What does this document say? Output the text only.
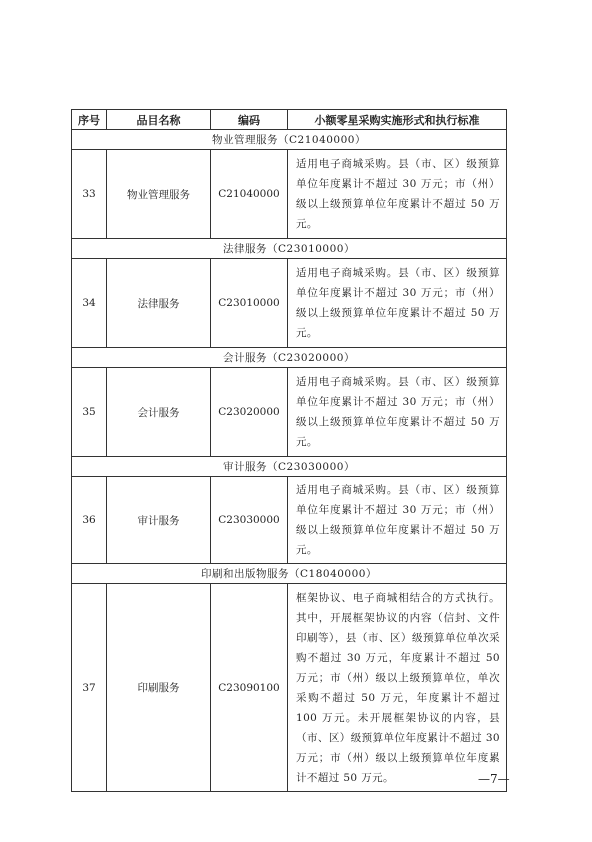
序号	品目名称	编码	小额零星采购实施形式和执行标准
物业管理服务（C21040000）			
33	物业管理服务	C21040000	适用电子商城采购。县（市、区）级预算单位年度累计不超过 30 万元；市（州）级以上级预算单位年度累计不超过 50 万元。
法律服务（C23010000）			
34	法律服务	C23010000	适用电子商城采购。县（市、区）级预算单位年度累计不超过 30 万元；市（州）级以上级预算单位年度累计不超过 50 万元。
会计服务（C23020000）			
35	会计服务	C23020000	适用电子商城采购。县（市、区）级预算单位年度累计不超过 30 万元；市（州）级以上级预算单位年度累计不超过 50 万元。
审计服务（C23030000）			
36	审计服务	C23030000	适用电子商城采购。县（市、区）级预算单位年度累计不超过 30 万元；市（州）级以上级预算单位年度累计不超过 50 万元。
印刷和出版物服务（C18040000）			
37	印刷服务	C23090100	框架协议、电子商城相结合的方式执行。其中，开展框架协议的内容（信封、文件印刷等），县（市、区）级预算单位单次采购不超过 30 万元，年度累计不超过 50 万元；市（州）级以上级预算单位，单次采购不超过 50 万元，年度累计不超过 100 万元。未开展框架协议的内容，县（市、区）级预算单位年度累计不超过 30 万元；市（州）级以上级预算单位年度累计不超过 50 万元。	—7—
